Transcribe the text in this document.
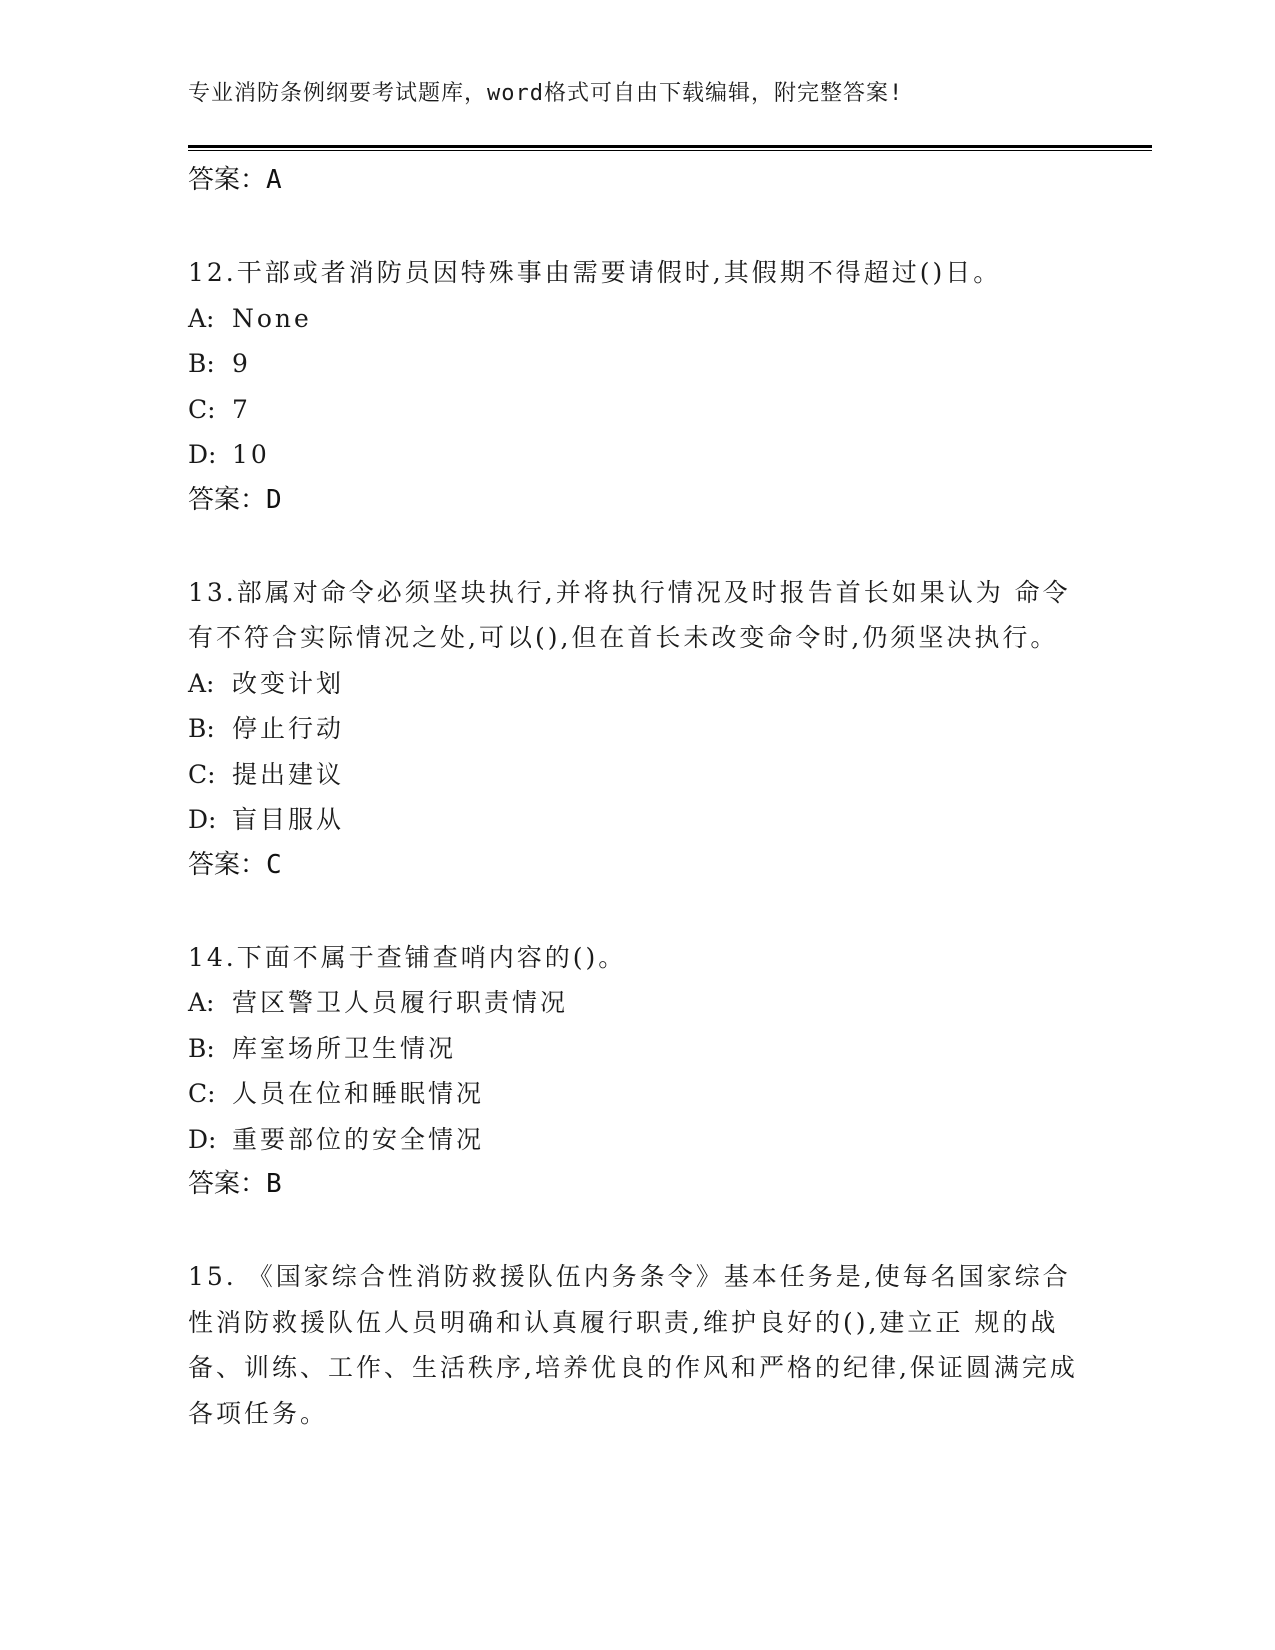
专业消防条例纲要考试题库，word格式可自由下载编辑，附完整答案!
答案：A

12.干部或者消防员因特殊事由需要请假时,其假期不得超过()日。

A: None
B: 9
C: 7
D: 10
答案：D

13.部属对命令必须坚块执行,并将执行情况及时报告首长如果认为 命令有不符合实际情况之处,可以(),但在首长未改变命令时,仍须坚决执行。

A: 改变计划
B: 停止行动
C: 提出建议
D: 盲目服从
答案：C

14.下面不属于查铺查哨内容的()。

A: 营区警卫人员履行职责情况
B: 库室场所卫生情况
C: 人员在位和睡眠情况
D: 重要部位的安全情况
答案：B

15. 《国家综合性消防救援队伍内务条令》基本任务是,使每名国家综合性消防救援队伍人员明确和认真履行职责,维护良好的(),建立正 规的战备、训练、工作、生活秩序,培养优良的作风和严格的纪律,保证圆满完成各项任务。
